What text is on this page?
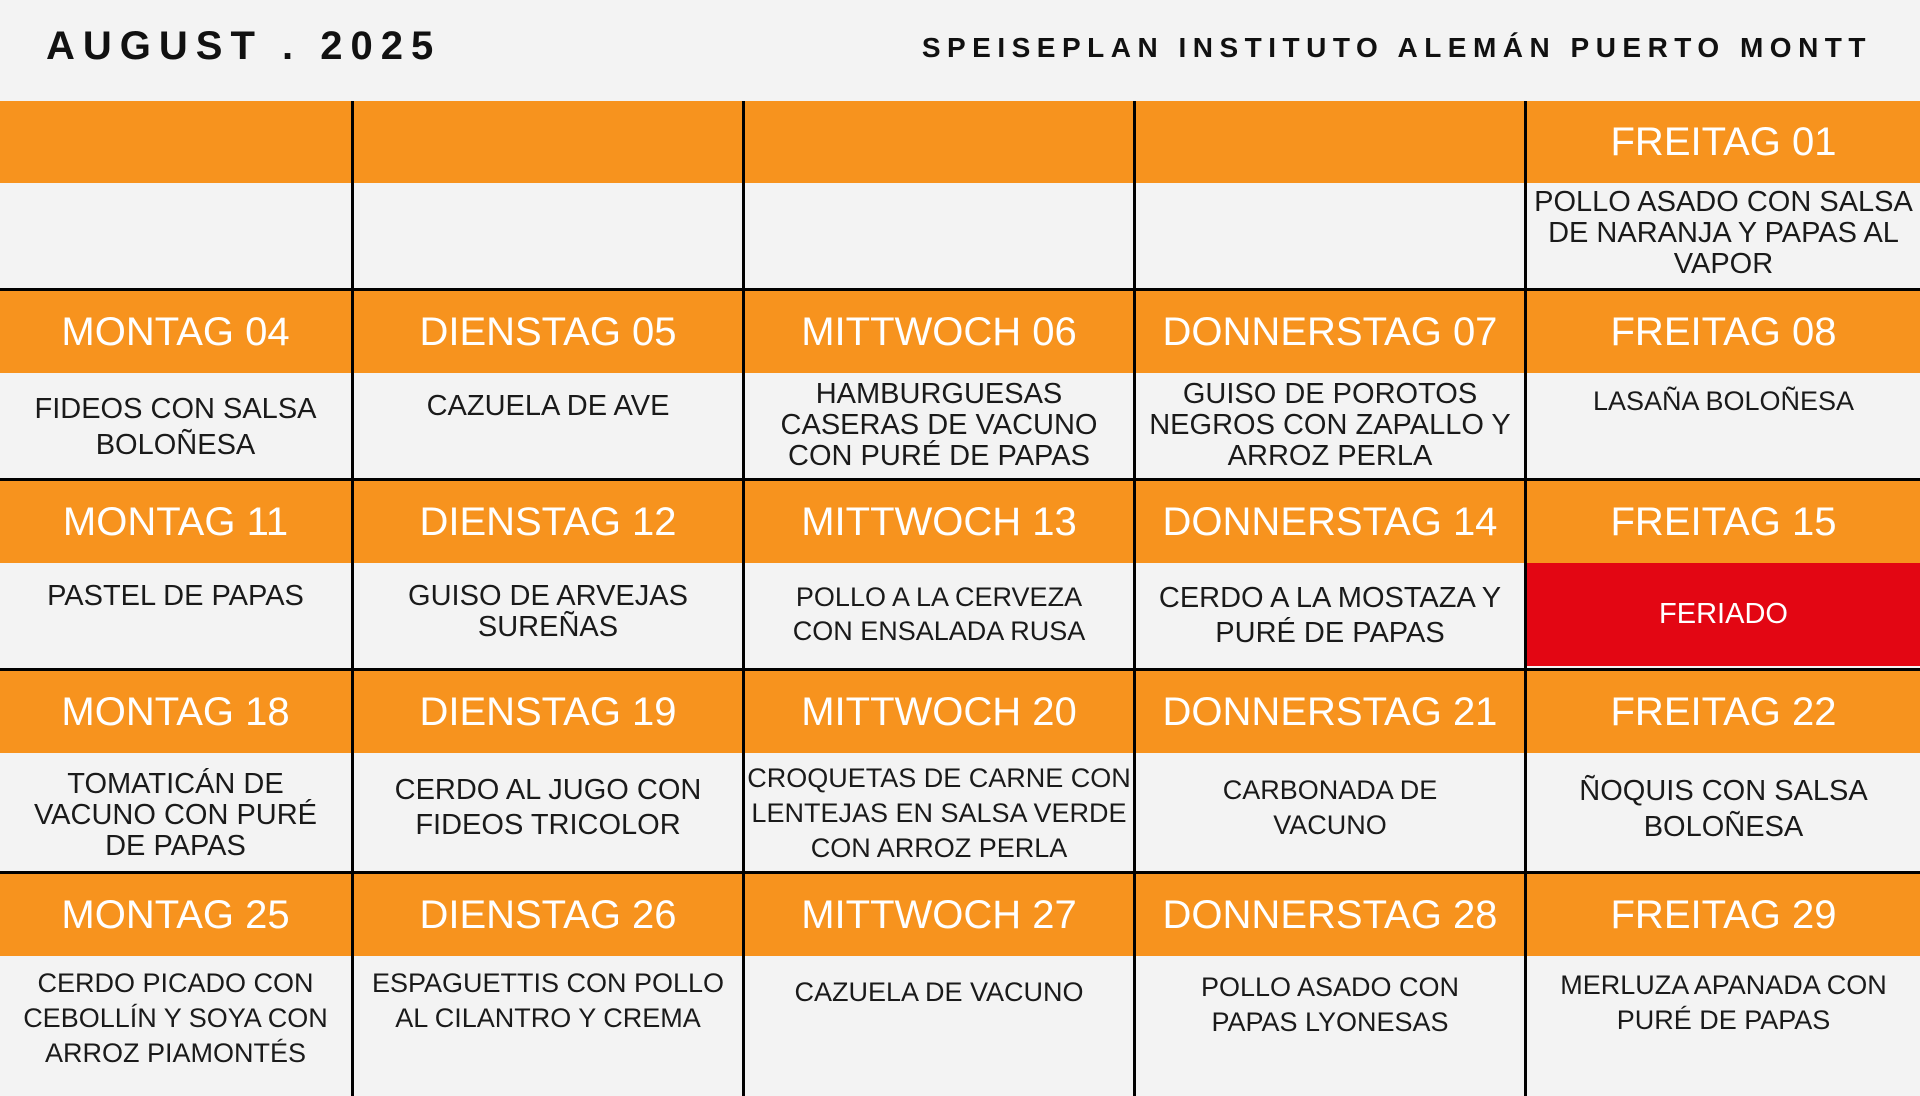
AUGUST . 2025	SPEISEPLAN INSTITUTO ALEMÁN PUERTO MONTT
FREITAG 01
POLLO ASADO CON SALSA DE NARANJA Y PAPAS AL VAPOR
MONTAG 04
FIDEOS CON SALSA BOLOÑESA
DIENSTAG 05
CAZUELA DE AVE
MITTWOCH 06
HAMBURGUESAS CASERAS DE VACUNO CON PURÉ DE PAPAS
DONNERSTAG 07
GUISO DE POROTOS NEGROS CON ZAPALLO Y ARROZ PERLA
FREITAG 08
LASAÑA BOLOÑESA
MONTAG 11
PASTEL DE PAPAS
DIENSTAG 12
GUISO DE ARVEJAS SUREÑAS
MITTWOCH 13
POLLO A LA CERVEZA CON ENSALADA RUSA
DONNERSTAG 14
CERDO A LA MOSTAZA Y PURÉ DE PAPAS
FREITAG 15
FERIADO
MONTAG 18
TOMATICÁN DE VACUNO CON PURÉ DE PAPAS
DIENSTAG 19
CERDO AL JUGO CON FIDEOS TRICOLOR
MITTWOCH 20
CROQUETAS DE CARNE CON LENTEJAS EN SALSA VERDE CON ARROZ PERLA
DONNERSTAG 21
CARBONADA DE VACUNO
FREITAG 22
ÑOQUIS CON SALSA BOLOÑESA
MONTAG 25
CERDO PICADO CON CEBOLLÍN Y SOYA CON ARROZ PIAMONTÉS
DIENSTAG 26
ESPAGUETTIS CON POLLO AL CILANTRO Y CREMA
MITTWOCH 27
CAZUELA DE VACUNO
DONNERSTAG 28
POLLO ASADO CON PAPAS LYONESAS
FREITAG 29
MERLUZA APANADA CON PURÉ DE PAPAS
